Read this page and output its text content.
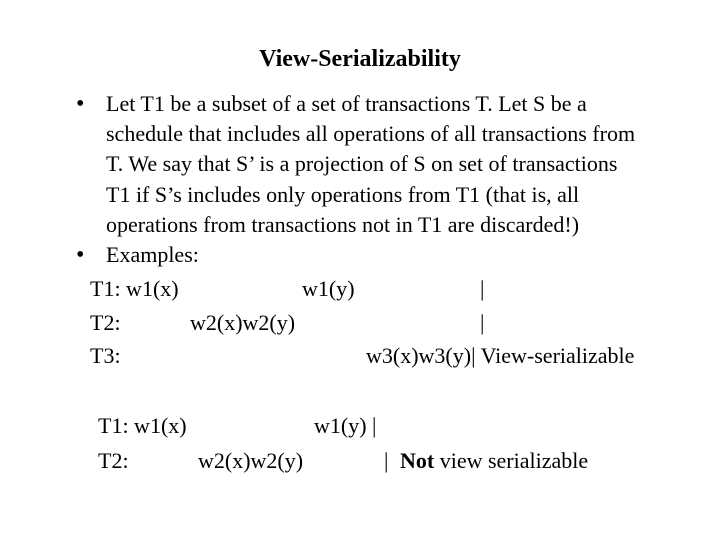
View-Serializability
• Let T1 be a subset of a set of transactions T. Let S be a
schedule that includes all operations of all transactions from
T. We say that S’ is a projection of S on set of transactions
T1 if S’s includes only operations from T1 (that is, all
operations from transactions not in T1 are discarded!)
• Examples:
T1: w1(x)	w1(y)	|
T2:	w2(x)w2(y)	|
T3:	w3(x)w3(y)| View-serializable
T1: w1(x)	w1(y) |
T2:	w2(x)w2(y)	| Not view serializable
